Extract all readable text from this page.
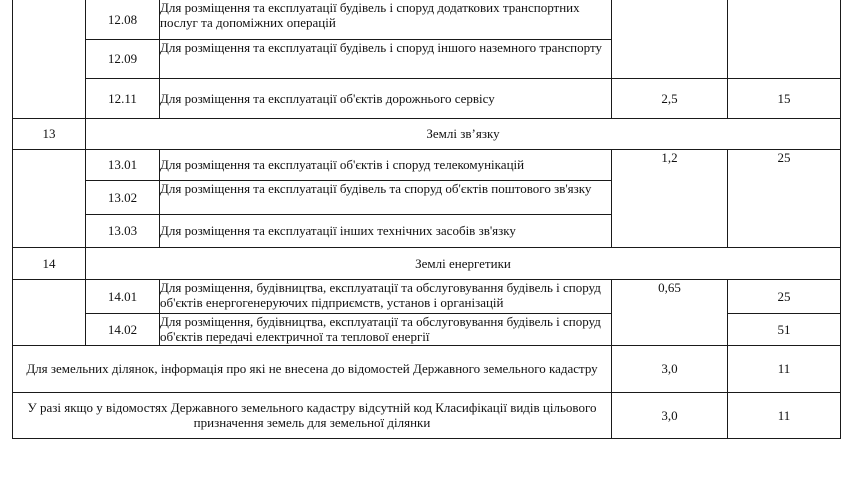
	12.08	Для розміщення та експлуатації будівель і споруд додаткових транспортних послуг та допоміжних операцій		
	12.09	Для розміщення та експлуатації будівель і споруд іншого наземного транспорту		
	12.11	Для розміщення та експлуатації об'єктів дорожнього сервісу	2,5	15
13	Землі зв’язку			
	13.01	Для розміщення та експлуатації об'єктів і споруд телекомунікацій	1,2	25
	13.02	Для розміщення та експлуатації будівель та споруд об'єктів поштового зв'язку		
	13.03	Для розміщення та експлуатації інших технічних засобів зв'язку		
14	Землі енергетики			
	14.01	Для розміщення, будівництва, експлуатації та обслуговування будівель і споруд об'єктів енергогенеруючих підприємств, установ і організацій	0,65	25
	14.02	Для розміщення, будівництва, експлуатації та обслуговування будівель і споруд об'єктів передачі електричної та теплової енергії		51
Для земельних ділянок, інформація про які не внесена до відомостей Державного земельного кадастру			3,0	11
У разі якщо у відомостях Державного земельного кадастру відсутній код Класифікації видів цільового призначення земель для земельної ділянки			3,0	11
